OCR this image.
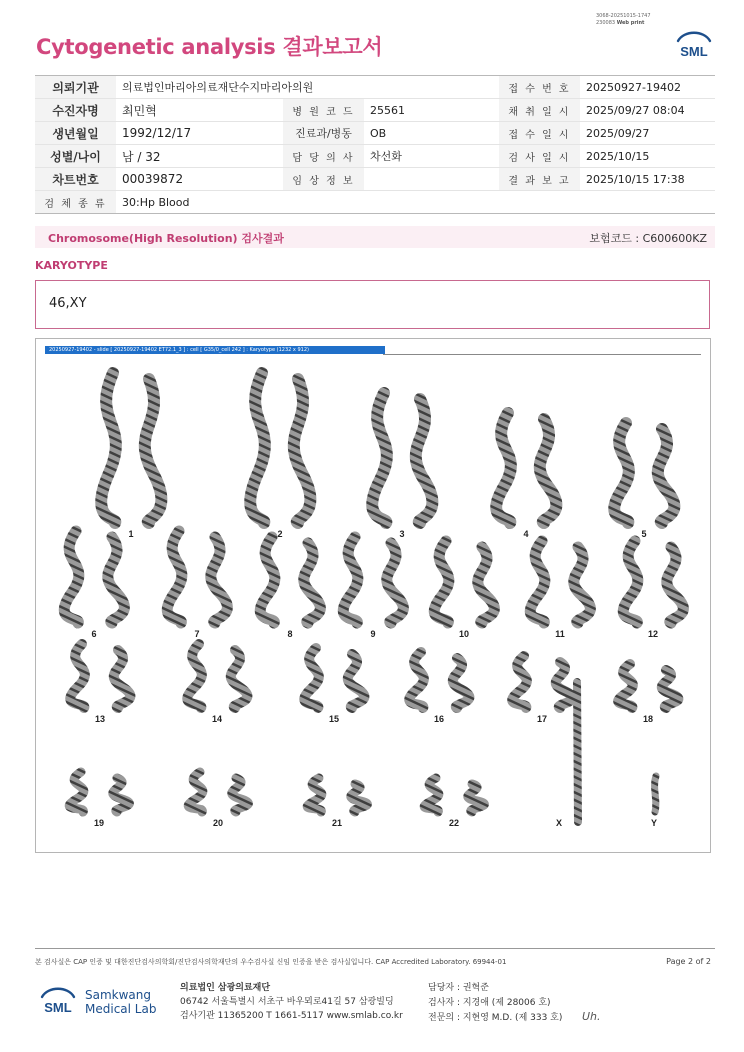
3068-20251015-1747
230083 Web print
Cytogenetic analysis 결과보고서	SML
의뢰기관	의료법인마리아의료재단수지마리아의원			접 수 번 호	20250927-19402
수진자명	최민혁	병 원 코 드	25561	채 취 일 시	2025/09/27 08:04
생년월일	1992/12/17	진료과/병동	OB	접 수 일 시	2025/09/27
성별/나이	남 / 32	담 당 의 사	차선화	검 사 일 시	2025/10/15
차트번호	00039872	임 상 정 보		결 과 보 고	2025/10/15 17:38
검 체 종 류	30:Hp Blood				
Chromosome(High Resolution) 검사결과	보험코드 : C600600KZ
KARYOTYPE
46,XY
20250927-19402 - slide [ 20250927-19402 ET72.1_3 ] : cell [ G35/0_cell 242 ] : Karyotype (1232 x 912)
1	2	3	4	5
6	7	8	9	10	11	12
13	14	15	16	17	18
19	20	21	22	X	Y
본 검사실은 CAP 인증 및 대한진단검사의학회/진단검사의학재단의 우수검사실 신임 인증을 받은 검사실입니다. CAP Accredited Laboratory. 69944-01	Page 2 of 2
SML
Samkwang
Medical Lab
의료법인 삼광의료재단
06742 서울특별시 서초구 바우뫼로41길 57 삼광빌딩
검사기관 11365200 T 1661-5117 www.smlab.co.kr
담당자 : 권혁준
검사자 : 지경애 (제 28006 호)
전문의 : 지현영 M.D. (제 333 호) Uh.
